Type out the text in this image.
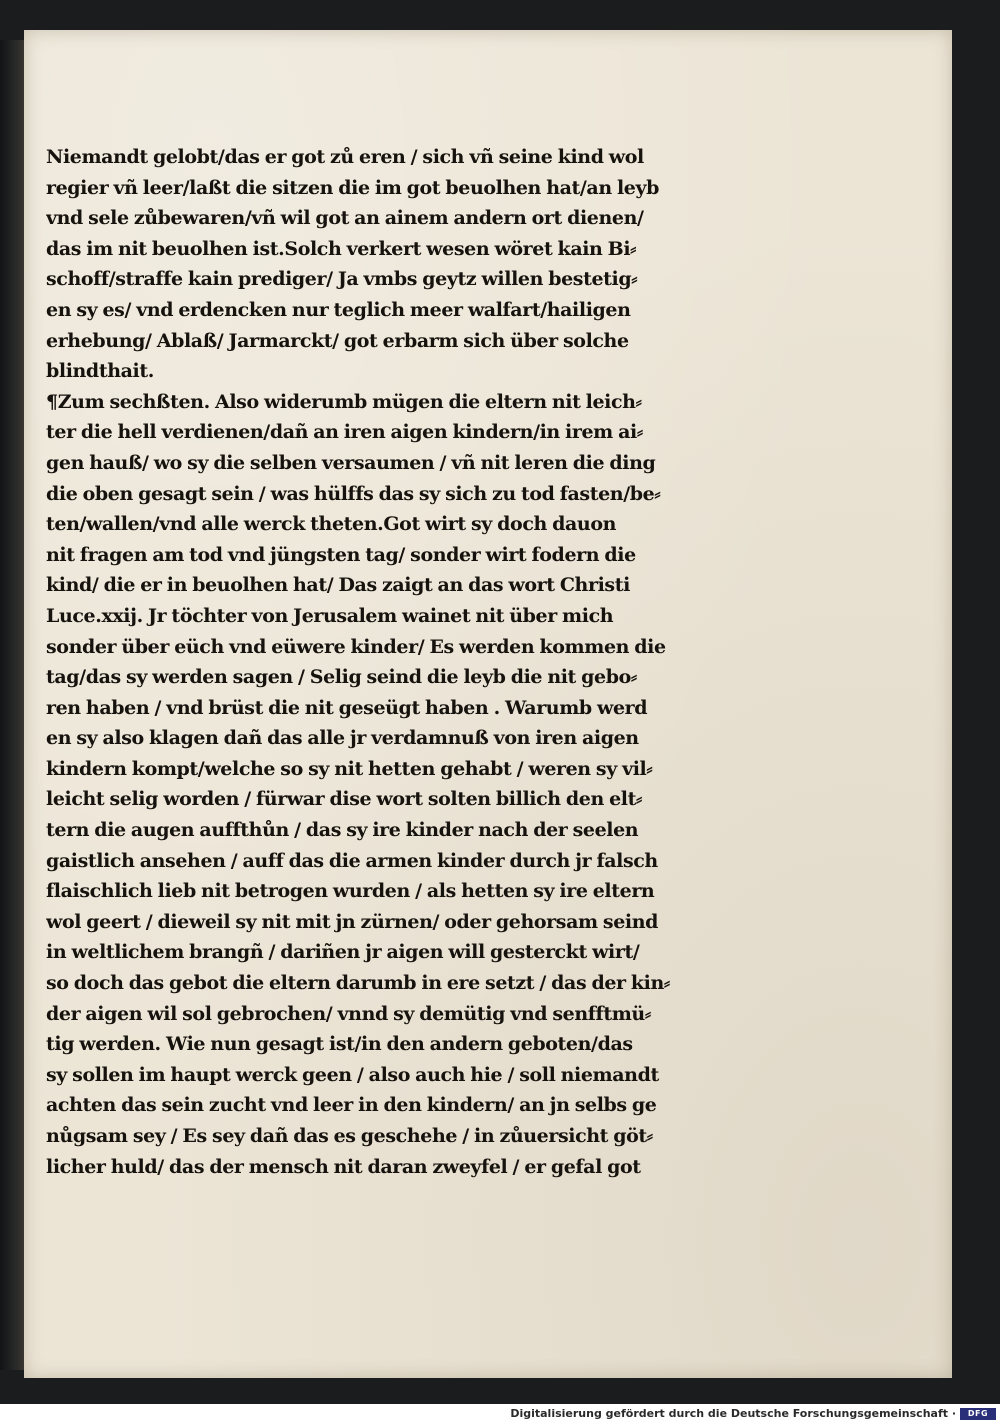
Niemandt gelobt/das er got zů eren / sich vñ seine kind wol
regier vñ leer/laßt die sitzen die im got beuolhen hat/an leyb
vnd sele zůbewaren/vñ wil got an ainem andern ort dienen/
das im nit beuolhen ist.Solch verkert wesen wöret kain Bi⸗
schoff/straffe kain prediger/ Ja vmbs geytz willen bestetig⸗
en sy es/ vnd erdencken nur teglich meer walfart/hailigen
erhebung/ Ablaß/ Jarmarckt/ got erbarm sich über solche
blindthait.
¶Zum sechßten. Also widerumb mügen die eltern nit leich⸗
ter die hell verdienen/dañ an iren aigen kindern/in irem ai⸗
gen hauß/ wo sy die selben versaumen / vñ nit leren die ding
die oben gesagt sein / was hülffs das sy sich zu tod fasten/be⸗
ten/wallen/vnd alle werck theten.Got wirt sy doch dauon
nit fragen am tod vnd jüngsten tag/ sonder wirt fodern die
kind/ die er in beuolhen hat/ Das zaigt an das wort Christi
Luce.xxij. Jr töchter von Jerusalem wainet nit über mich
sonder über eüch vnd eüwere kinder/ Es werden kommen die
tag/das sy werden sagen / Selig seind die leyb die nit gebo⸗
ren haben / vnd brüst die nit geseügt haben . Warumb werd
en sy also klagen dañ das alle jr verdamnuß von iren aigen
kindern kompt/welche so sy nit hetten gehabt / weren sy vil⸗
leicht selig worden / fürwar dise wort solten billich den elt⸗
tern die augen auffthůn / das sy ire kinder nach der seelen
gaistlich ansehen / auff das die armen kinder durch jr falsch
flaischlich lieb nit betrogen wurden / als hetten sy ire eltern
wol geert / dieweil sy nit mit jn zürnen/ oder gehorsam seind
in weltlichem brangñ / dariñen jr aigen will gesterckt wirt/
so doch das gebot die eltern darumb in ere setzt / das der kin⸗
der aigen wil sol gebrochen/ vnnd sy demütig vnd senfftmü⸗
tig werden. Wie nun gesagt ist/in den andern geboten/das
sy sollen im haupt werck geen / also auch hie / soll niemandt
achten das sein zucht vnd leer in den kindern/ an jn selbs ge
nůgsam sey / Es sey dañ das es geschehe / in zůuersicht göt⸗
licher huld/ das der mensch nit daran zweyfel / er gefal got
Digitalisierung gefördert durch die Deutsche Forschungsgemeinschaft ·	DFG
